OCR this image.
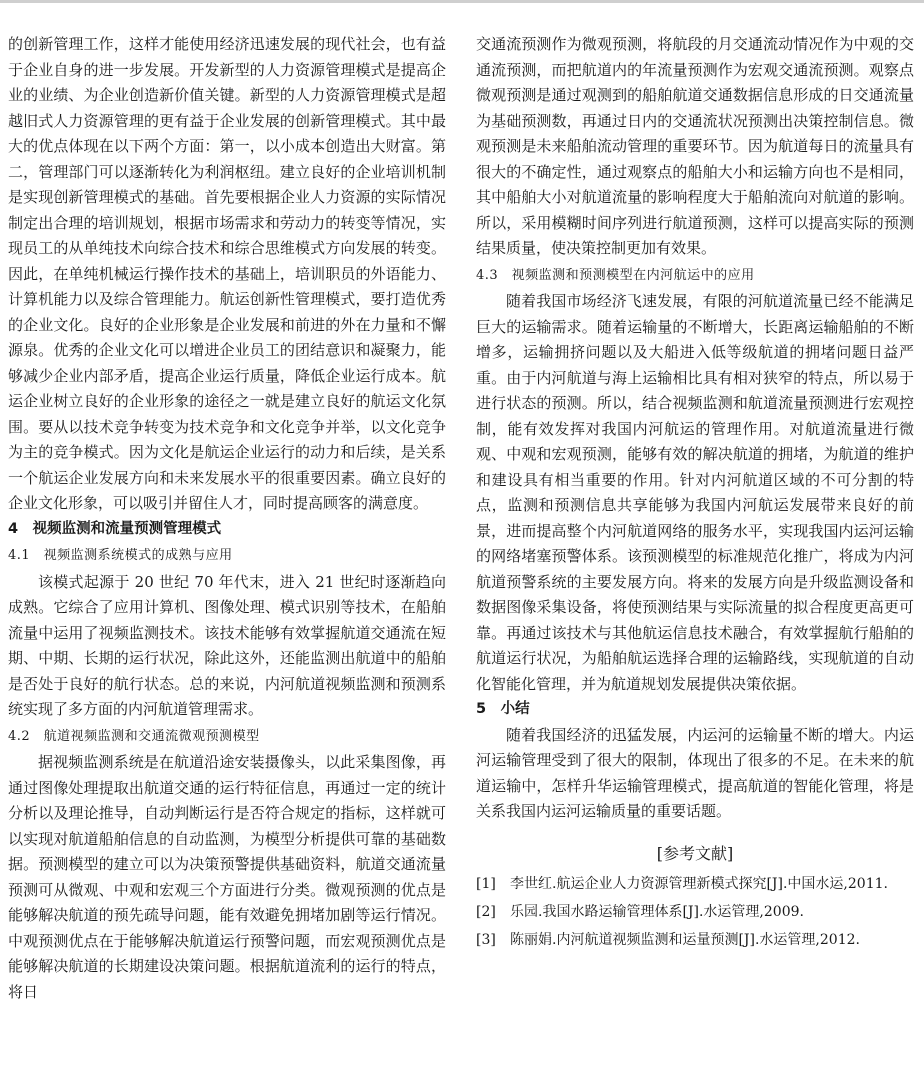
的创新管理工作，这样才能使用经济迅速发展的现代社会，也有益于企业自身的进一步发展。开发新型的人力资源管理模式是提高企业的业绩、为企业创造新价值关键。新型的人力资源管理模式是超越旧式人力资源管理的更有益于企业发展的创新管理模式。其中最大的优点体现在以下两个方面：第一，以小成本创造出大财富。第二，管理部门可以逐渐转化为利润枢纽。建立良好的企业培训机制是实现创新管理模式的基础。首先要根据企业人力资源的实际情况制定出合理的培训规划，根据市场需求和劳动力的转变等情况，实现员工的从单纯技术向综合技术和综合思维模式方向发展的转变。因此，在单纯机械运行操作技术的基础上，培训职员的外语能力、计算机能力以及综合管理能力。航运创新性管理模式，要打造优秀的企业文化。良好的企业形象是企业发展和前进的外在力量和不懈源泉。优秀的企业文化可以增进企业员工的团结意识和凝聚力，能够减少企业内部矛盾，提高企业运行质量，降低企业运行成本。航运企业树立良好的企业形象的途径之一就是建立良好的航运文化氛围。要从以技术竞争转变为技术竞争和文化竞争并举，以文化竞争为主的竞争模式。因为文化是航运企业运行的动力和后续，是关系一个航运企业发展方向和未来发展水平的很重要因素。确立良好的企业文化形象，可以吸引并留住人才，同时提高顾客的满意度。

4　视频监测和流量预测管理模式

4.1　视频监测系统模式的成熟与应用

该模式起源于 20 世纪 70 年代末，进入 21 世纪时逐渐趋向成熟。它综合了应用计算机、图像处理、模式识别等技术，在船舶流量中运用了视频监测技术。该技术能够有效掌握航道交通流在短期、中期、长期的运行状况，除此这外，还能监测出航道中的船舶是否处于良好的航行状态。总的来说，内河航道视频监测和预测系统实现了多方面的内河航道管理需求。

4.2　航道视频监测和交通流微观预测模型

据视频监测系统是在航道沿途安装摄像头，以此采集图像，再通过图像处理提取出航道交通的运行特征信息，再通过一定的统计分析以及理论推导，自动判断运行是否符合规定的指标，这样就可以实现对航道船舶信息的自动监测，为模型分析提供可靠的基础数据。预测模型的建立可以为决策预警提供基础资料，航道交通流量预测可从微观、中观和宏观三个方面进行分类。微观预测的优点是能够解决航道的预先疏导问题，能有效避免拥堵加剧等运行情况。中观预测优点在于能够解决航道运行预警问题，而宏观预测优点是能够解决航道的长期建设决策问题。根据航道流利的运行的特点，将日

交通流预测作为微观预测，将航段的月交通流动情况作为中观的交通流预测，而把航道内的年流量预测作为宏观交通流预测。观察点微观预测是通过观测到的船舶航道交通数据信息形成的日交通流量为基础预测数，再通过日内的交通流状况预测出决策控制信息。微观预测是未来船舶流动管理的重要环节。因为航道每日的流量具有很大的不确定性，通过观察点的船舶大小和运输方向也不是相同，其中船舶大小对航道流量的影响程度大于船舶流向对航道的影响。所以，采用模糊时间序列进行航道预测，这样可以提高实际的预测结果质量，使决策控制更加有效果。

4.3　视频监测和预测模型在内河航运中的应用

随着我国市场经济飞速发展，有限的河航道流量已经不能满足巨大的运输需求。随着运输量的不断增大，长距离运输船舶的不断增多，运输拥挤问题以及大船进入低等级航道的拥堵问题日益严重。由于内河航道与海上运输相比具有相对狭窄的特点，所以易于进行状态的预测。所以，结合视频监测和航道流量预测进行宏观控制，能有效发挥对我国内河航运的管理作用。对航道流量进行微观、中观和宏观预测，能够有效的解决航道的拥堵，为航道的维护和建设具有相当重要的作用。针对内河航道区域的不可分割的特点，监测和预测信息共享能够为我国内河航运发展带来良好的前景，进而提高整个内河航道网络的服务水平，实现我国内运河运输的网络堵塞预警体系。该预测模型的标准规范化推广，将成为内河航道预警系统的主要发展方向。将来的发展方向是升级监测设备和数据图像采集设备，将使预测结果与实际流量的拟合程度更高更可靠。再通过该技术与其他航运信息技术融合，有效掌握航行船舶的航道运行状况，为船舶航运选择合理的运输路线，实现航道的自动化智能化管理，并为航道规划发展提供决策依据。

5　小结

随着我国经济的迅猛发展，内运河的运输量不断的增大。内运河运输管理受到了很大的限制，体现出了很多的不足。在未来的航道运输中，怎样升华运输管理模式，提高航道的智能化管理，将是关系我国内运河运输质量的重要话题。

[参考文献]
[1]	李世红.航运企业人力资源管理新模式探究[J].中国水运,2011.
[2]	乐园.我国水路运输管理体系[J].水运管理,2009.
[3]	陈丽娟.内河航道视频监测和运量预测[J].水运管理,2012.
